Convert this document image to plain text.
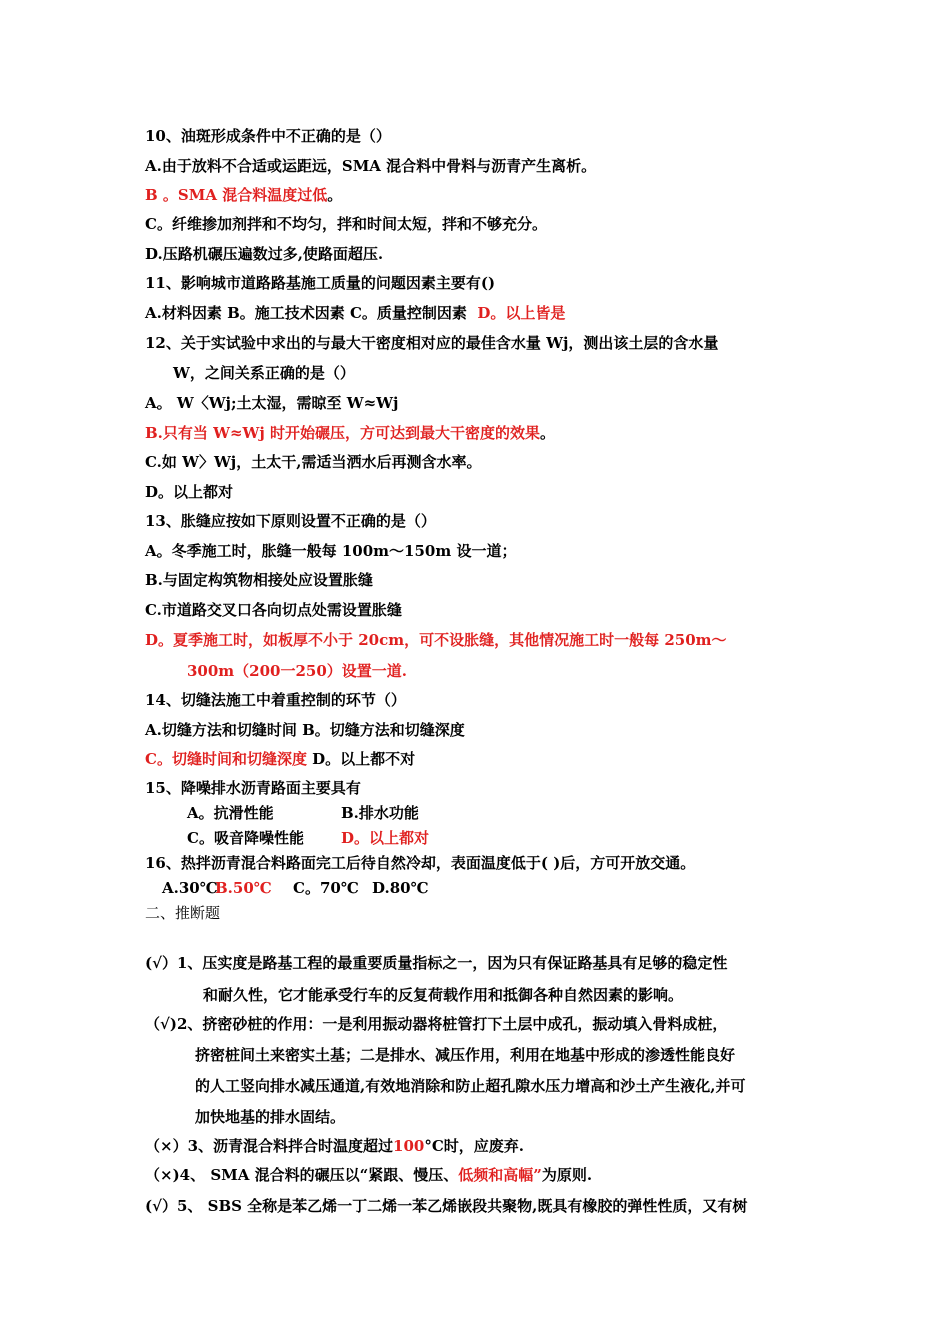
10、油斑形成条件中不正确的是（）
A.由于放料不合适或运距远，SMA 混合料中骨料与沥青产生离析。
B 。SMA 混合料温度过低。
C。纤维掺加剂拌和不均匀，拌和时间太短，拌和不够充分。
D.压路机碾压遍数过多,使路面超压.
11、影响城市道路路基施工质量的问题因素主要有()
A.材料因素 B。施工技术因素 C。质量控制因素 D。以上皆是
12、关于实试验中求出的与最大干密度相对应的最佳含水量 Wj，测出该土层的含水量
W，之间关系正确的是（）
A。 W〈Wj;土太湿，需晾至 W≈Wj
B.只有当 W≈Wj 时开始碾压，方可达到最大干密度的效果。
C.如 W〉Wj，土太干,需适当洒水后再测含水率。
D。以上都对
13、胀缝应按如下原则设置不正确的是（）
A。冬季施工时，胀缝一般每 100m～150m 设一道；
B.与固定构筑物相接处应设置胀缝
C.市道路交叉口各向切点处需设置胀缝
D。夏季施工时，如板厚不小于 20cm，可不设胀缝，其他情况施工时一般每 250m～
300m（200一250）设置一道.
14、切缝法施工中着重控制的环节（）
A.切缝方法和切缝时间 B。切缝方法和切缝深度
C。切缝时间和切缝深度 D。以上都不对
15、降噪排水沥青路面主要具有
A。抗滑性能	B.排水功能
C。吸音降噪性能 D。以上都对
16、热拌沥青混合料路面完工后待自然冷却，表面温度低于( )后，方可开放交通。
A.30℃
B.50℃ C。70℃ D.80℃
二、推断题
(√）1、压实度是路基工程的最重要质量指标之一，因为只有保证路基具有足够的稳定性
和耐久性，它才能承受行车的反复荷载作用和抵御各种自然因素的影响。
（√)2、挤密砂桩的作用：一是利用振动器将桩管打下土层中成孔，振动填入骨料成桩，
挤密桩间土来密实土基；二是排水、减压作用，利用在地基中形成的渗透性能良好
的人工竖向排水减压通道,有效地消除和防止超孔隙水压力增高和沙土产生液化,并可
加快地基的排水固结。
（×）3、沥青混合料拌合时温度超过100°C时，应废弃.
（×)4、 SMA 混合料的碾压以“紧跟、慢压、低频和高幅”为原则.
(√）5、 SBS 全称是苯乙烯一丁二烯一苯乙烯嵌段共聚物,既具有橡胶的弹性性质，又有树
